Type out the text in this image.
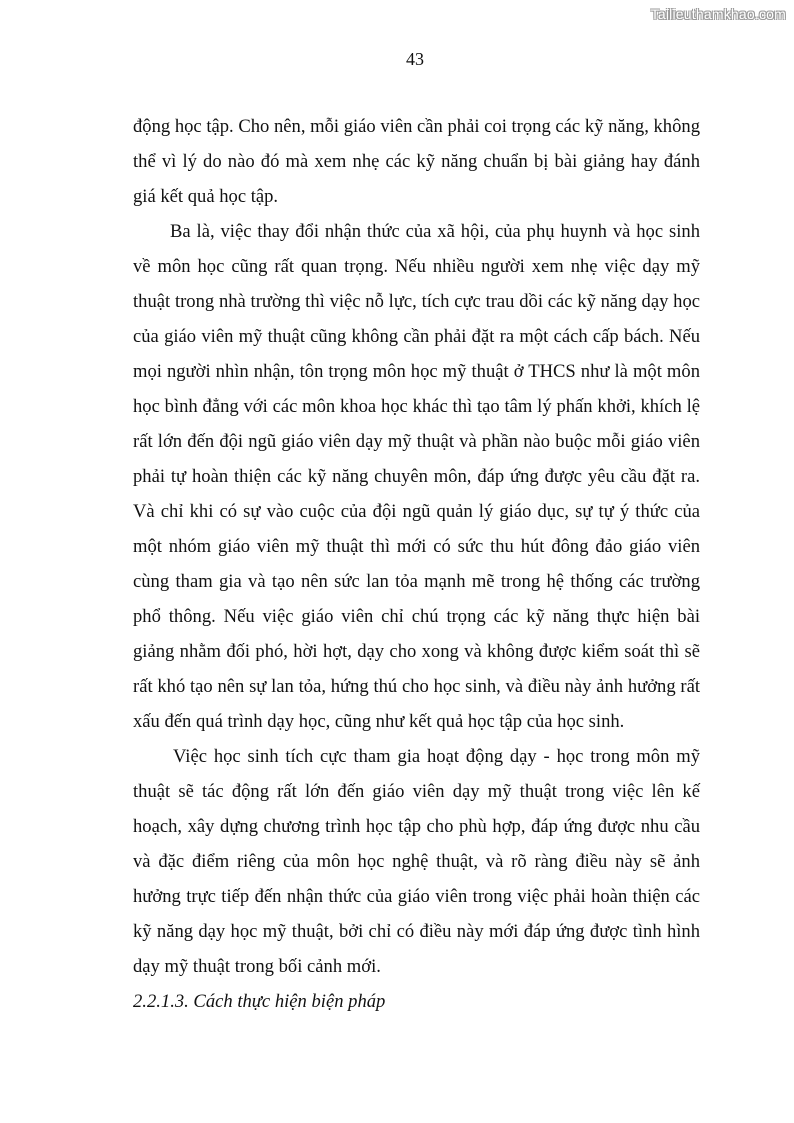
Tailieuthamkhao.com
43

động học tập. Cho nên, mỗi giáo viên cần phải coi trọng các kỹ năng, không thể vì lý do nào đó mà xem nhẹ các kỹ năng chuẩn bị bài giảng hay đánh giá kết quả học tập.

Ba là, việc thay đổi nhận thức của xã hội, của phụ huynh và học sinh về môn học cũng rất quan trọng. Nếu nhiều người xem nhẹ việc dạy mỹ thuật trong nhà trường thì việc nỗ lực, tích cực trau dồi các kỹ năng dạy học của giáo viên mỹ thuật cũng không cần phải đặt ra một cách cấp bách. Nếu mọi người nhìn nhận, tôn trọng môn học mỹ thuật ở THCS như là một môn học bình đẳng với các môn khoa học khác thì tạo tâm lý phấn khởi, khích lệ rất lớn đến đội ngũ giáo viên dạy mỹ thuật và phần nào buộc mỗi giáo viên phải tự hoàn thiện các kỹ năng chuyên môn, đáp ứng được yêu cầu đặt ra. Và chỉ khi có sự vào cuộc của đội ngũ quản lý giáo dục, sự tự ý thức của một nhóm giáo viên mỹ thuật thì mới có sức thu hút đông đảo giáo viên cùng tham gia và tạo nên sức lan tỏa mạnh mẽ trong hệ thống các trường phổ thông. Nếu việc giáo viên chỉ chú trọng các kỹ năng thực hiện bài giảng nhằm đối phó, hời hợt, dạy cho xong và không được kiểm soát thì sẽ rất khó tạo nên sự lan tỏa, hứng thú cho học sinh, và điều này ảnh hưởng rất xấu đến quá trình dạy học, cũng như kết quả học tập của học sinh.

Việc học sinh tích cực tham gia hoạt động dạy - học trong môn mỹ thuật sẽ tác động rất lớn đến giáo viên dạy mỹ thuật trong việc lên kế hoạch, xây dựng chương trình học tập cho phù hợp, đáp ứng được nhu cầu và đặc điểm riêng của môn học nghệ thuật, và rõ ràng điều này sẽ ảnh hưởng trực tiếp đến nhận thức của giáo viên trong việc phải hoàn thiện các kỹ năng dạy học mỹ thuật, bởi chỉ có điều này mới đáp ứng được tình hình dạy mỹ thuật trong bối cảnh mới.

2.2.1.3. Cách thực hiện biện pháp
